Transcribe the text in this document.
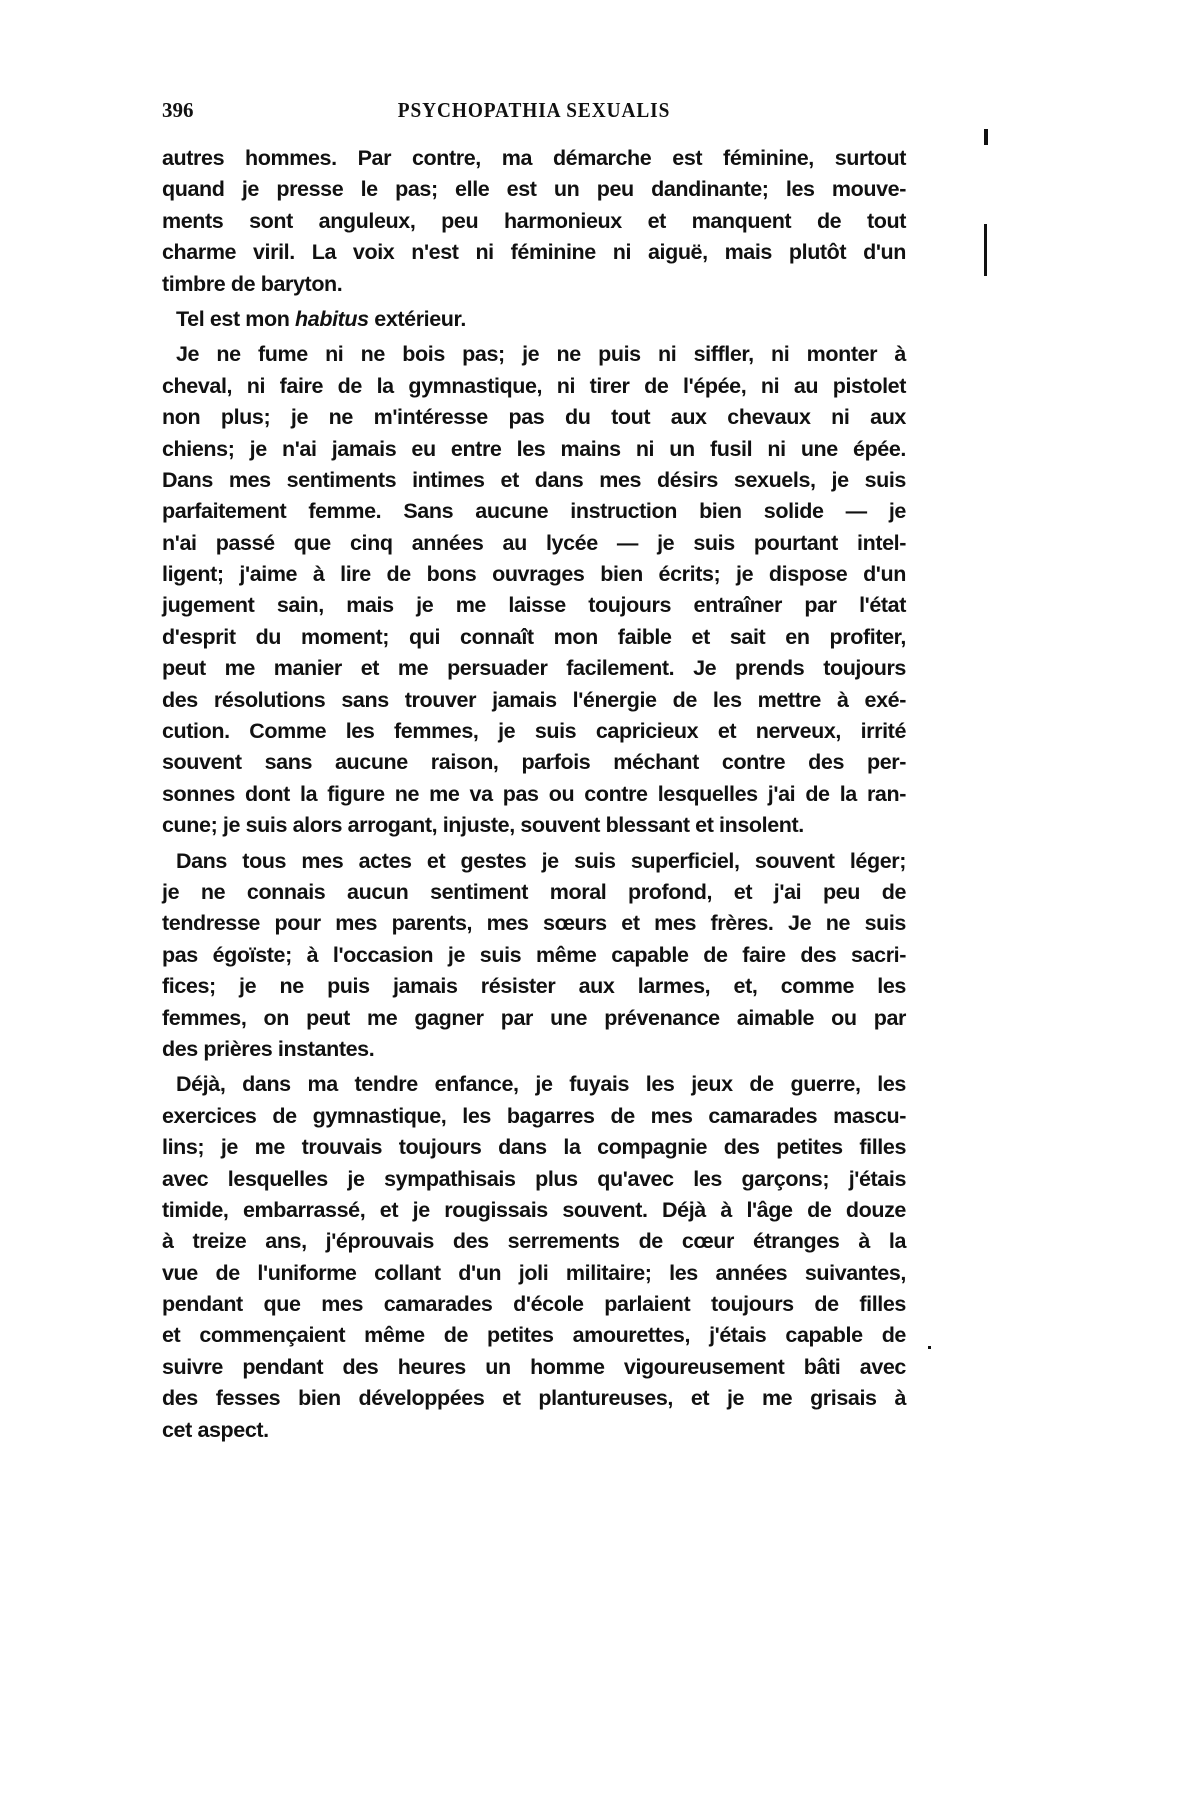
396	PSYCHOPATHIA SEXUALIS
autres hommes. Par contre, ma démarche est féminine, surtout
quand je presse le pas; elle est un peu dandinante; les mouve-
ments sont anguleux, peu harmonieux et manquent de tout
charme viril. La voix n'est ni féminine ni aiguë, mais plutôt d'un
timbre de baryton.
Tel est mon habitus extérieur.
Je ne fume ni ne bois pas; je ne puis ni siffler, ni monter à
cheval, ni faire de la gymnastique, ni tirer de l'épée, ni au pistolet
non plus; je ne m'intéresse pas du tout aux chevaux ni aux
chiens; je n'ai jamais eu entre les mains ni un fusil ni une épée.
Dans mes sentiments intimes et dans mes désirs sexuels, je suis
parfaitement femme. Sans aucune instruction bien solide — je
n'ai passé que cinq années au lycée — je suis pourtant intel-
ligent; j'aime à lire de bons ouvrages bien écrits; je dispose d'un
jugement sain, mais je me laisse toujours entraîner par l'état
d'esprit du moment; qui connaît mon faible et sait en profiter,
peut me manier et me persuader facilement. Je prends toujours
des résolutions sans trouver jamais l'énergie de les mettre à exé-
cution. Comme les femmes, je suis capricieux et nerveux, irrité
souvent sans aucune raison, parfois méchant contre des per-
sonnes dont la figure ne me va pas ou contre lesquelles j'ai de la ran-
cune; je suis alors arrogant, injuste, souvent blessant et insolent.
Dans tous mes actes et gestes je suis superficiel, souvent léger;
je ne connais aucun sentiment moral profond, et j'ai peu de
tendresse pour mes parents, mes sœurs et mes frères. Je ne suis
pas égoïste; à l'occasion je suis même capable de faire des sacri-
fices; je ne puis jamais résister aux larmes, et, comme les
femmes, on peut me gagner par une prévenance aimable ou par
des prières instantes.
Déjà, dans ma tendre enfance, je fuyais les jeux de guerre, les
exercices de gymnastique, les bagarres de mes camarades mascu-
lins; je me trouvais toujours dans la compagnie des petites filles
avec lesquelles je sympathisais plus qu'avec les garçons; j'étais
timide, embarrassé, et je rougissais souvent. Déjà à l'âge de douze
à treize ans, j'éprouvais des serrements de cœur étranges à la
vue de l'uniforme collant d'un joli militaire; les années suivantes,
pendant que mes camarades d'école parlaient toujours de filles
et commençaient même de petites amourettes, j'étais capable de
suivre pendant des heures un homme vigoureusement bâti avec
des fesses bien développées et plantureuses, et je me grisais à
cet aspect.
